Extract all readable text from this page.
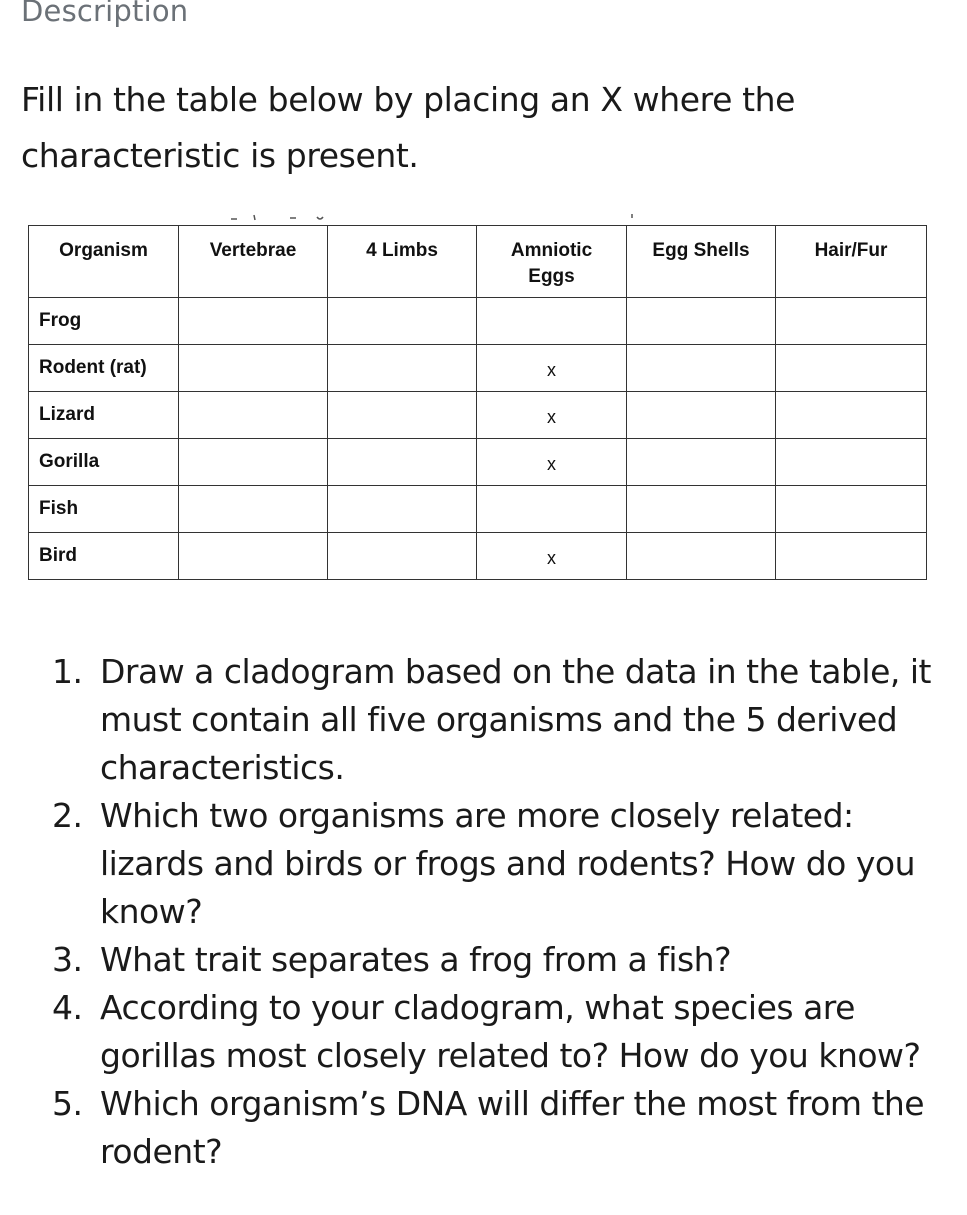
Description
Fill in the table below by placing an X where the characteristic is present.
Organism	Vertebrae	4 Limbs	Amniotic Eggs	Egg Shells	Hair/Fur
Frog					
Rodent (rat)			x		
Lizard			x		
Gorilla			x		
Fish					
Bird			x		
1. Draw a cladogram based on the data in the table, it must contain all five organisms and the 5 derived characteristics.
2. Which two organisms are more closely related: lizards and birds or frogs and rodents? How do you know?
3. What trait separates a frog from a fish?
4. According to your cladogram, what species are gorillas most closely related to? How do you know?
5. Which organism’s DNA will differ the most from the rodent?
